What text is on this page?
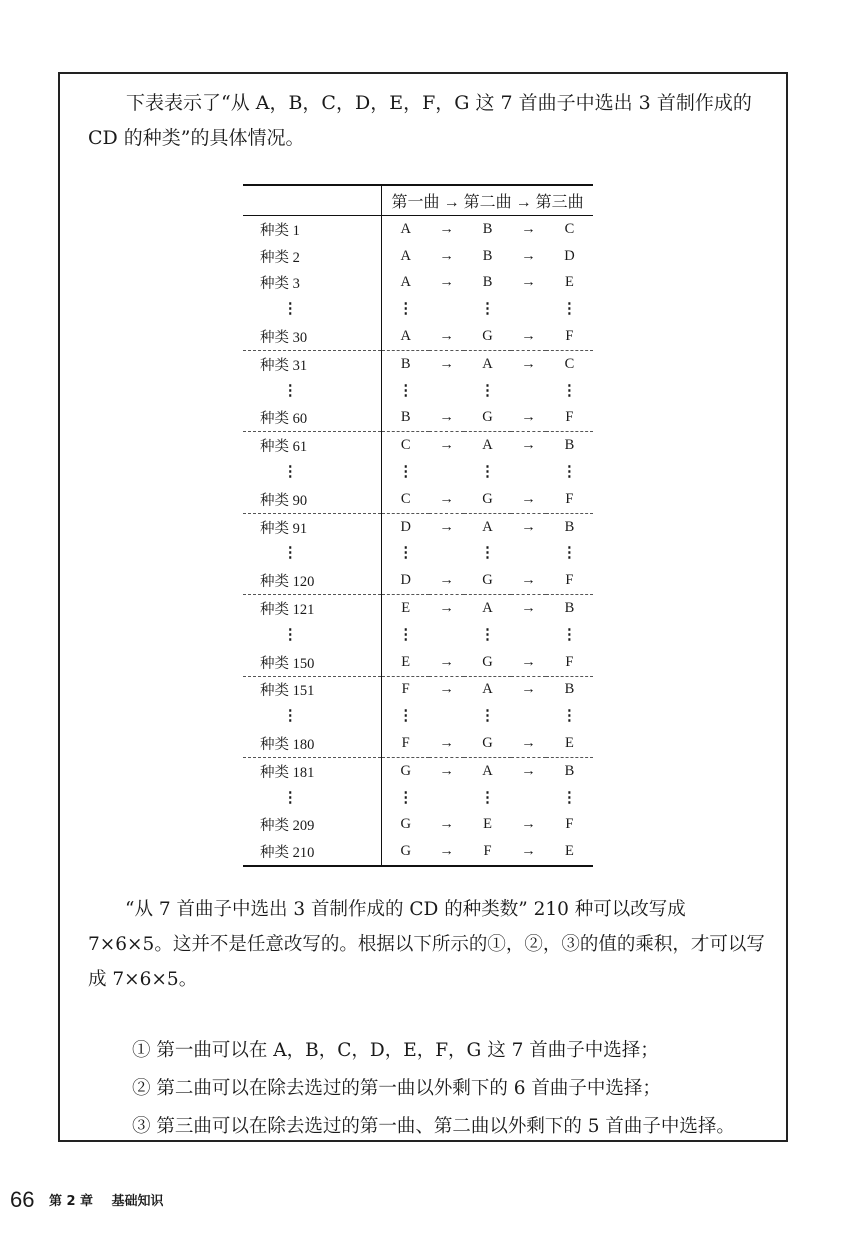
下表表示了“从 A，B，C，D，E，F，G 这 7 首曲子中选出 3 首制作成的
CD 的种类”的具体情况。

	第一曲 → 第二曲 → 第三曲				
种类 1	A	→	B	→	C
种类 2	A	→	B	→	D
种类 3	A	→	B	→	E
⋮	⋮		⋮		⋮
种类 30	A	→	G	→	F
种类 31	B	→	A	→	C
⋮	⋮		⋮		⋮
种类 60	B	→	G	→	F
种类 61	C	→	A	→	B
⋮	⋮		⋮		⋮
种类 90	C	→	G	→	F
种类 91	D	→	A	→	B
⋮	⋮		⋮		⋮
种类 120	D	→	G	→	F
种类 121	E	→	A	→	B
⋮	⋮		⋮		⋮
种类 150	E	→	G	→	F
种类 151	F	→	A	→	B
⋮	⋮		⋮		⋮
种类 180	F	→	G	→	E
种类 181	G	→	A	→	B
⋮	⋮		⋮		⋮
种类 209	G	→	E	→	F
种类 210	G	→	F	→	E

“从 7 首曲子中选出 3 首制作成的 CD 的种类数” 210 种可以改写成 7×6×5。这并不是任意改写的。根据以下所示的①，②，③的值的乘积，才可以写成 7×6×5。

① 第一曲可以在 A，B，C，D，E，F，G 这 7 首曲子中选择；

② 第二曲可以在除去选过的第一曲以外剩下的 6 首曲子中选择；

③ 第三曲可以在除去选过的第一曲、第二曲以外剩下的 5 首曲子中选择。

66 第 2 章 基础知识
